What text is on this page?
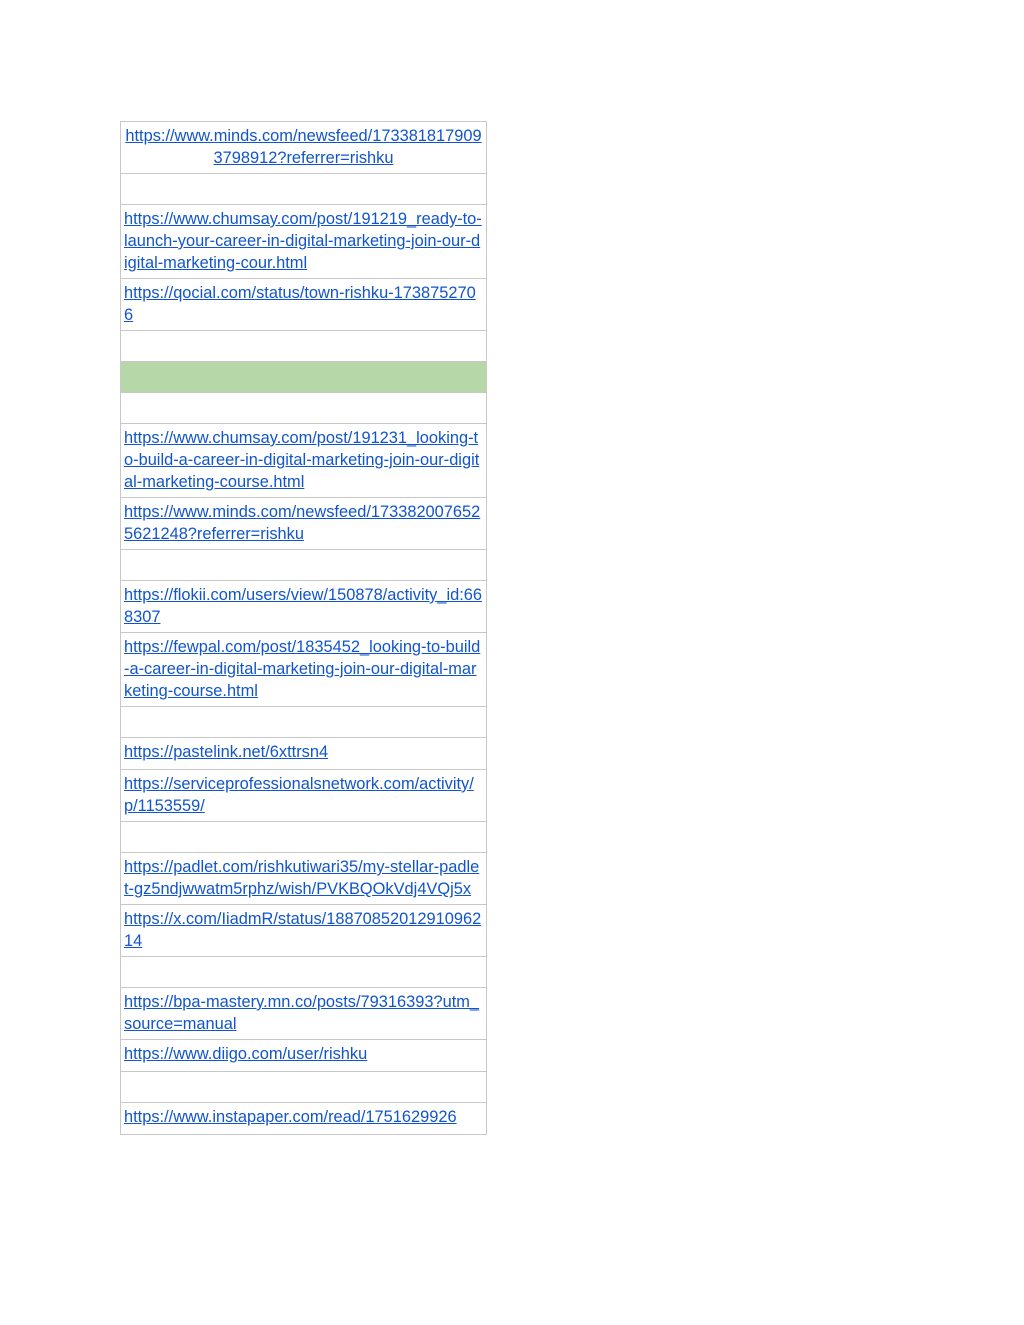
https://www.minds.com/newsfeed/1733818179093798912?referrer=rishku

https://www.chumsay.com/post/191219_ready-to-launch-your-career-in-digital-marketing-join-our-digital-marketing-cour.html
https://qocial.com/status/town-rishku-1738752706

https://www.chumsay.com/post/191231_looking-to-build-a-career-in-digital-marketing-join-our-digital-marketing-course.html
https://www.minds.com/newsfeed/1733820076525621248?referrer=rishku

https://flokii.com/users/view/150878/activity_id:668307
https://fewpal.com/post/1835452_looking-to-build-a-career-in-digital-marketing-join-our-digital-marketing-course.html

https://pastelink.net/6xttrsn4
https://serviceprofessionalsnetwork.com/activity/p/1153559/

https://padlet.com/rishkutiwari35/my-stellar-padlet-gz5ndjwwatm5rphz/wish/PVKBQOkVdj4VQj5x
https://x.com/IiadmR/status/1887085201291096214

https://bpa-mastery.mn.co/posts/79316393?utm_source=manual
https://www.diigo.com/user/rishku

https://www.instapaper.com/read/1751629926
